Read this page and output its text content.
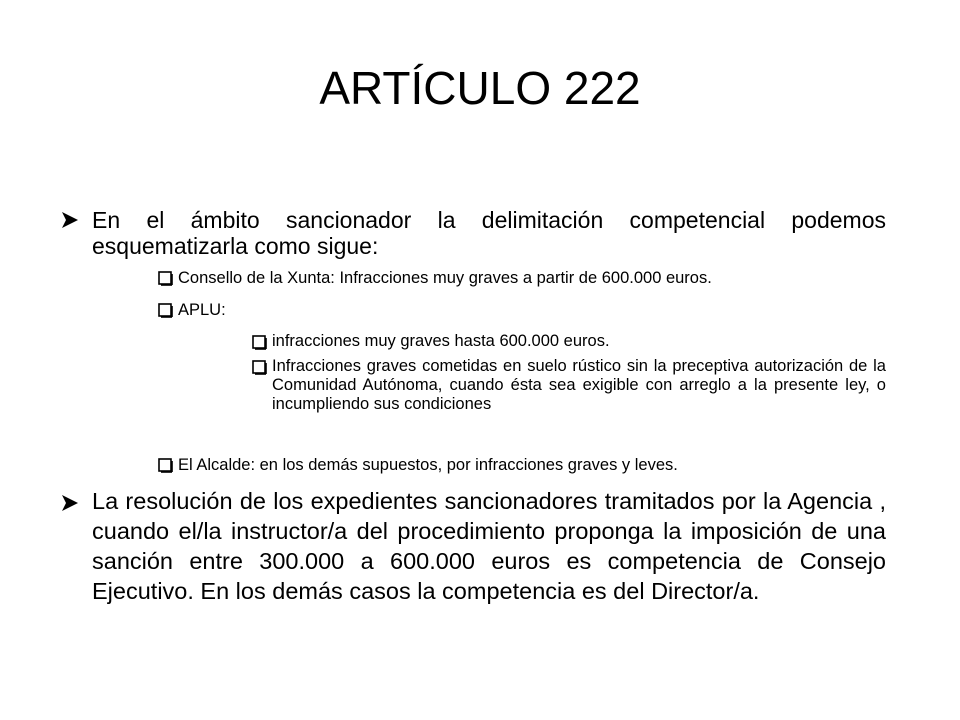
ARTÍCULO 222
En el ámbito sancionador la delimitación competencial podemos esquematizarla como sigue:
Consello de la Xunta: Infracciones muy graves a partir de 600.000 euros.
APLU:
infracciones muy graves hasta 600.000 euros.
Infracciones graves cometidas en suelo rústico sin la preceptiva autorización de la Comunidad Autónoma, cuando ésta sea exigible con arreglo a la presente ley, o incumpliendo sus condiciones
El Alcalde: en los demás supuestos, por infracciones graves y leves.
La resolución de los expedientes sancionadores tramitados por la Agencia , cuando el/la instructor/a del procedimiento proponga la imposición de una sanción entre 300.000 a 600.000 euros es competencia de Consejo Ejecutivo. En los demás casos la competencia es del Director/a.
